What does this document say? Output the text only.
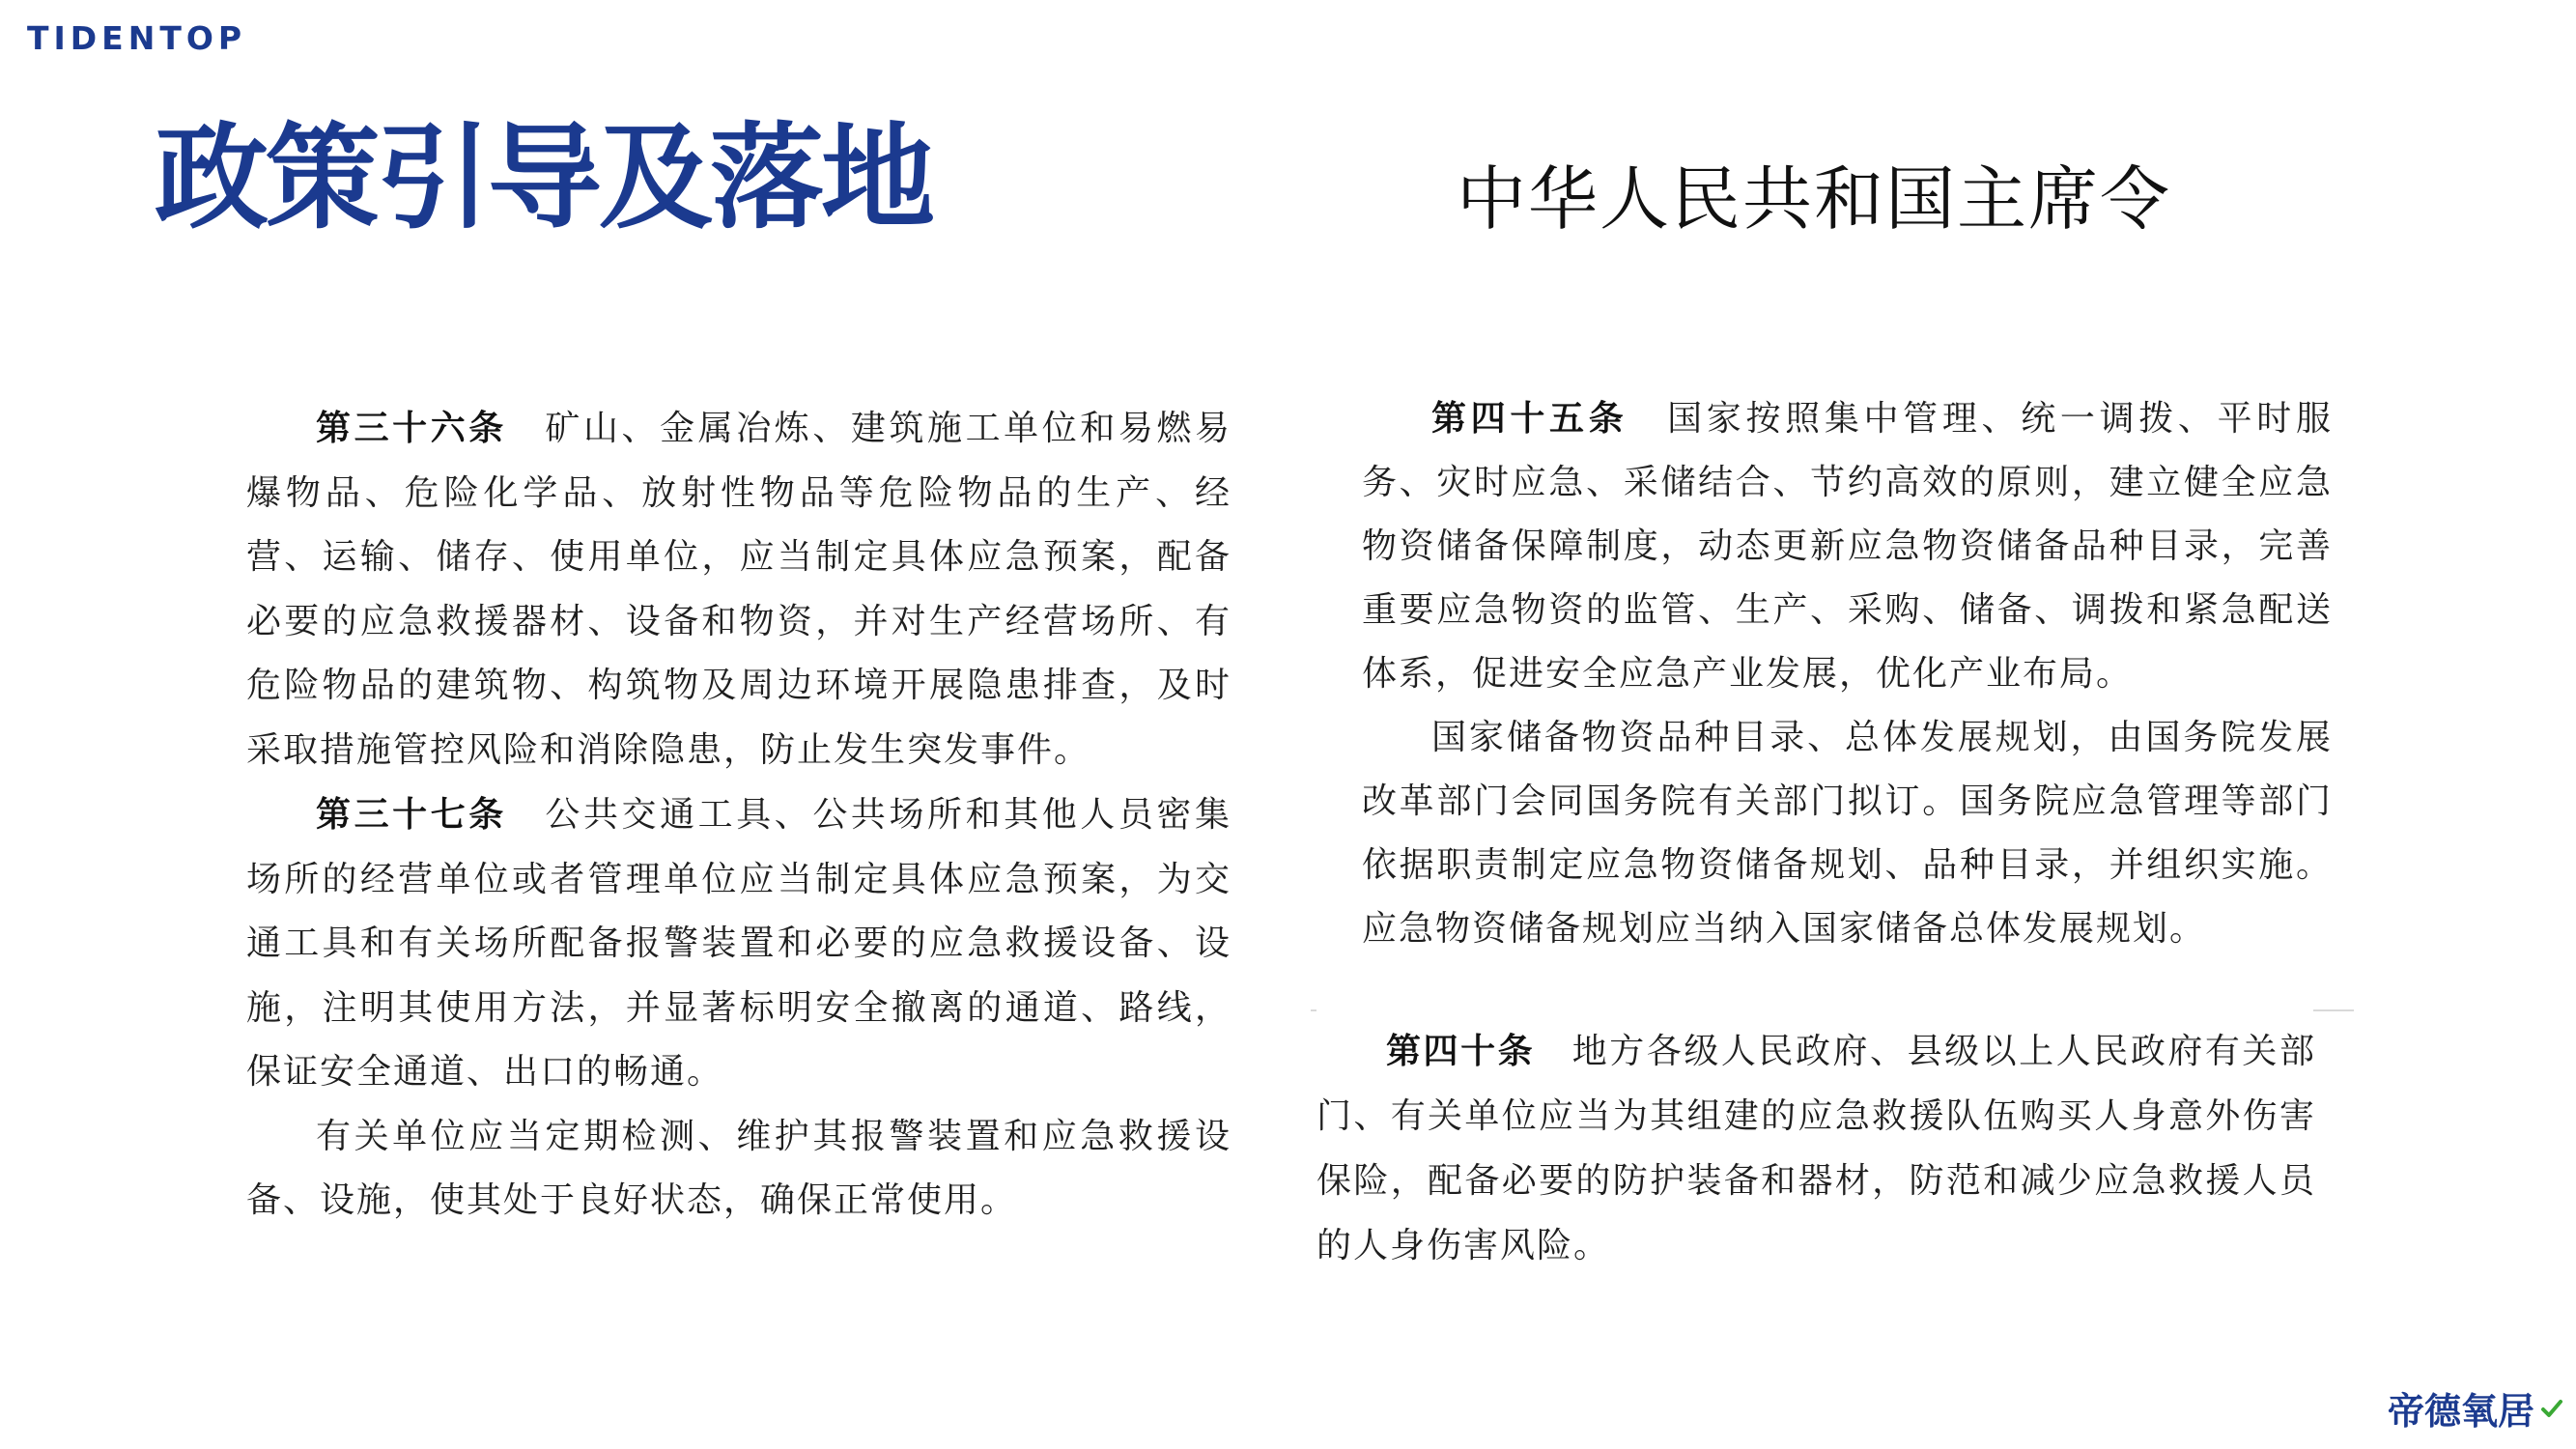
TIDENTOP
政策引导及落地	中华人民共和国主席令

第三十六条　 矿山、金属冶炼、建筑施工单位和易燃易爆物品、危险化学品、放射性物品等危险物品的生产、经营、运输、储存、使用单位，应当制定具体应急预案，配备必要的应急救援器材、设备和物资，并对生产经营场所、有危险物品的建筑物、构筑物及周边环境开展隐患排查，及时采取措施管控风险和消除隐患，防止发生突发事件。

第三十七条　 公共交通工具、公共场所和其他人员密集场所的经营单位或者管理单位应当制定具体应急预案，为交通工具和有关场所配备报警装置和必要的应急救援设备、设施，注明其使用方法，并显著标明安全撤离的通道、路线，保证安全通道、出口的畅通。

有关单位应当定期检测、维护其报警装置和应急救援设备、设施，使其处于良好状态，确保正常使用。

第四十五条　 国家按照集中管理、统一调拨、平时服务、灾时应急、采储结合、节约高效的原则，建立健全应急物资储备保障制度，动态更新应急物资储备品种目录，完善重要应急物资的监管、生产、采购、储备、调拨和紧急配送体系，促进安全应急产业发展，优化产业布局。

国家储备物资品种目录、总体发展规划，由国务院发展改革部门会同国务院有关部门拟订。国务院应急管理等部门依据职责制定应急物资储备规划、品种目录，并组织实施。应急物资储备规划应当纳入国家储备总体发展规划。

第四十条　 地方各级人民政府、县级以上人民政府有关部门、有关单位应当为其组建的应急救援队伍购买人身意外伤害保险，配备必要的防护装备和器材，防范和减少应急救援人员的人身伤害风险。

帝德氧居
